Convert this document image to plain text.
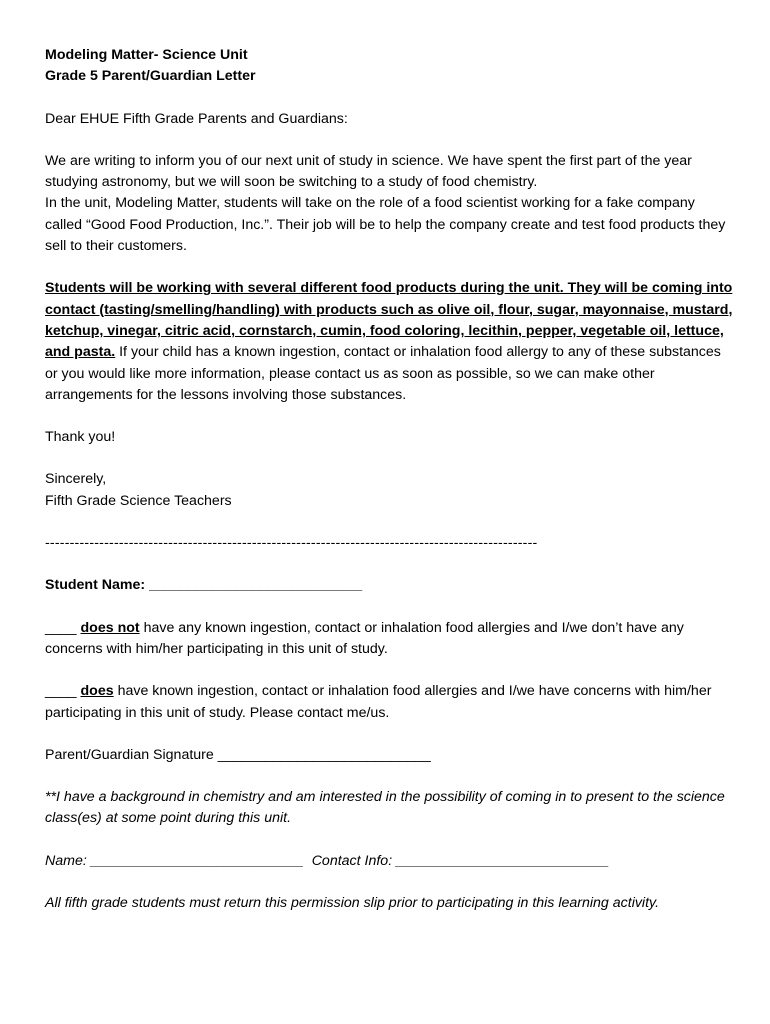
Modeling Matter- Science Unit

Grade 5 Parent/Guardian Letter

Dear EHUE Fifth Grade Parents and Guardians:

We are writing to inform you of our next unit of study in science. We have spent the first part of the year studying astronomy, but we will soon be switching to a study of food chemistry.

In the unit, Modeling Matter, students will take on the role of a food scientist working for a fake company called “Good Food Production, Inc.”. Their job will be to help the company create and test food products they sell to their customers.

Students will be working with several different food products during the unit. They will be coming into contact (tasting/smelling/handling) with products such as olive oil, flour, sugar, mayonnaise, mustard, ketchup, vinegar, citric acid, cornstarch, cumin, food coloring, lecithin, pepper, vegetable oil, lettuce, and pasta. If your child has a known ingestion, contact or inhalation food allergy to any of these substances or you would like more information, please contact us as soon as possible, so we can make other arrangements for the lessons involving those substances.

Thank you!

Sincerely,

Fifth Grade Science Teachers

----------------------------------------------------------------------------------------------------

Student Name: ___________________________

____ does not have any known ingestion, contact or inhalation food allergies and I/we don’t have any concerns with him/her participating in this unit of study.

____ does have known ingestion, contact or inhalation food allergies and I/we have concerns with him/her participating in this unit of study. Please contact me/us.

Parent/Guardian Signature ___________________________

**I have a background in chemistry and am interested in the possibility of coming in to present to the science class(es) at some point during this unit.

Name: ___________________________ Contact Info: ___________________________

All fifth grade students must return this permission slip prior to participating in this learning activity.
